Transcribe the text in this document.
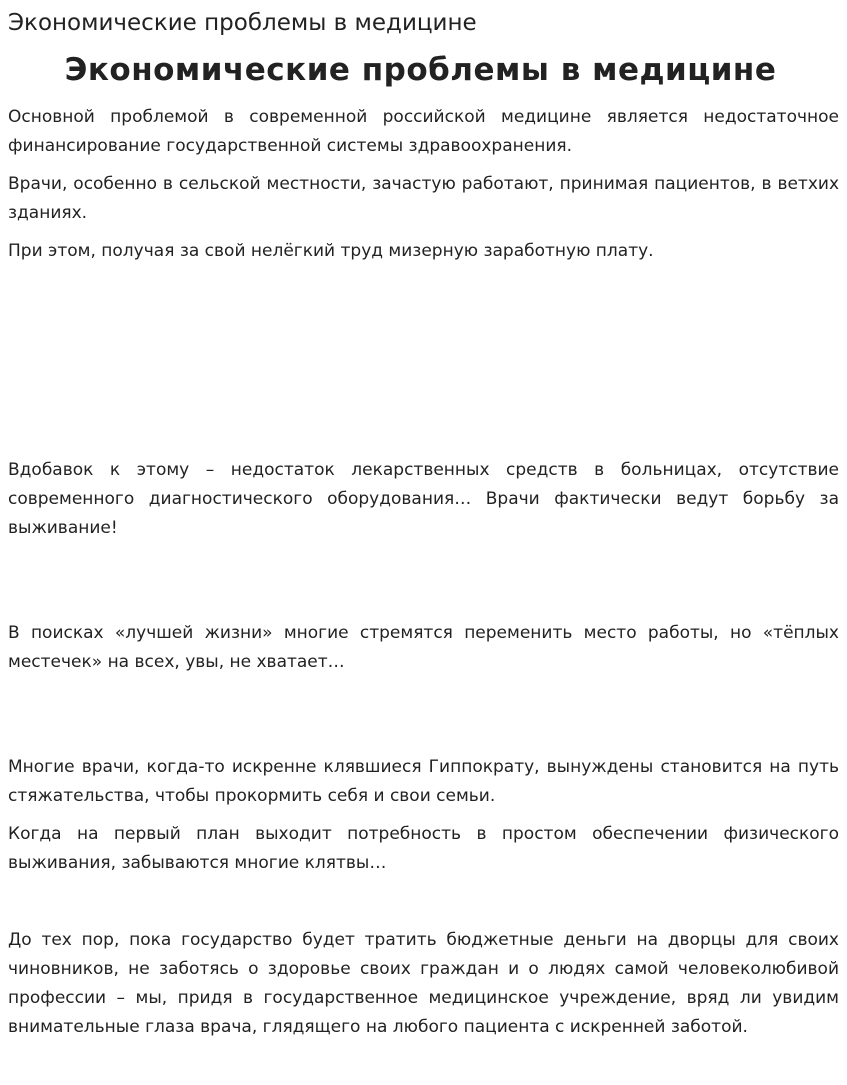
Экономические проблемы в медицине
Экономические проблемы в медицине

Основной проблемой в современной российской медицине является недостаточное финансирование государственной системы здравоохранения.

Врачи, особенно в сельской местности, зачастую работают, принимая пациентов, в ветхих зданиях.

При этом, получая за свой нелёгкий труд мизерную заработную плату.

Вдобавок к этому – недостаток лекарственных средств в больницах, отсутствие современного диагностического оборудования… Врачи фактически ведут борьбу за выживание!

В поисках «лучшей жизни» многие стремятся переменить место работы, но «тёплых местечек» на всех, увы, не хватает…

Многие врачи, когда-то искренне клявшиеся Гиппократу, вынуждены становится на путь стяжательства, чтобы прокормить себя и свои семьи.

Когда на первый план выходит потребность в простом обеспечении физического выживания, забываются многие клятвы…

До тех пор, пока государство будет тратить бюджетные деньги на дворцы для своих чиновников, не заботясь о здоровье своих граждан и о людях самой человеколюбивой профессии – мы, придя в государственное медицинское учреждение, вряд ли увидим внимательные глаза врача, глядящего на любого пациента с искренней заботой.
